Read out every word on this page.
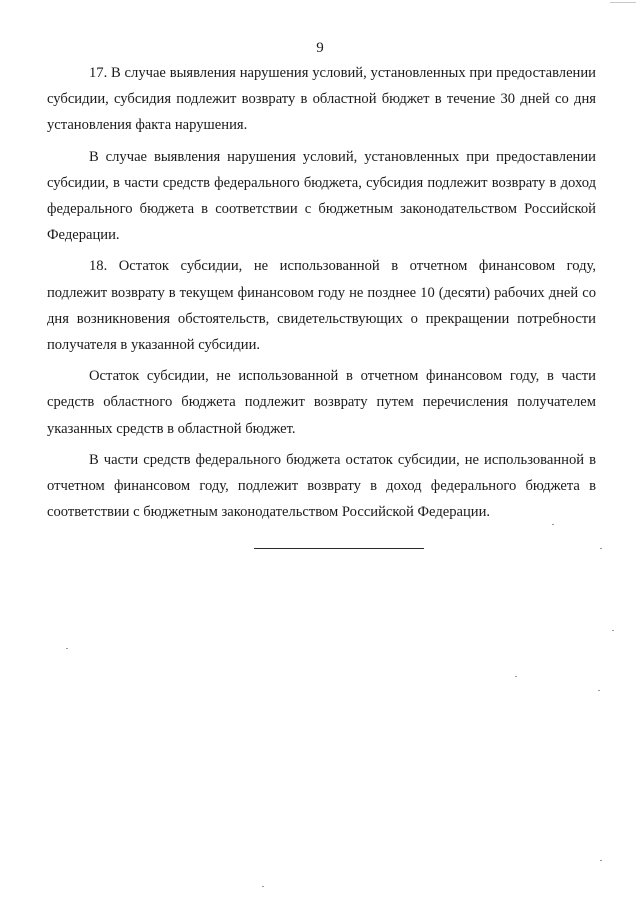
9

17. В случае выявления нарушения условий, установленных при предоставлении субсидии, субсидия подлежит возврату в областной бюджет в течение 30 дней со дня установления факта нарушения.

В случае выявления нарушения условий, установленных при предоставлении субсидии, в части средств федерального бюджета, субсидия подлежит возврату в доход федерального бюджета в соответствии с бюджетным законодательством Российской Федерации.

18. Остаток субсидии, не использованной в отчетном финансовом году, подлежит возврату в текущем финансовом году не позднее 10 (десяти) рабочих дней со дня возникновения обстоятельств, свидетельствующих о прекращении потребности получателя в указанной субсидии.

Остаток субсидии, не использованной в отчетном финансовом году, в части средств областного бюджета подлежит возврату путем перечисления получателем указанных средств в областной бюджет.

В части средств федерального бюджета остаток субсидии, не использованной в отчетном финансовом году, подлежит возврату в доход федерального бюджета в соответствии с бюджетным законодательством Российской Федерации.
